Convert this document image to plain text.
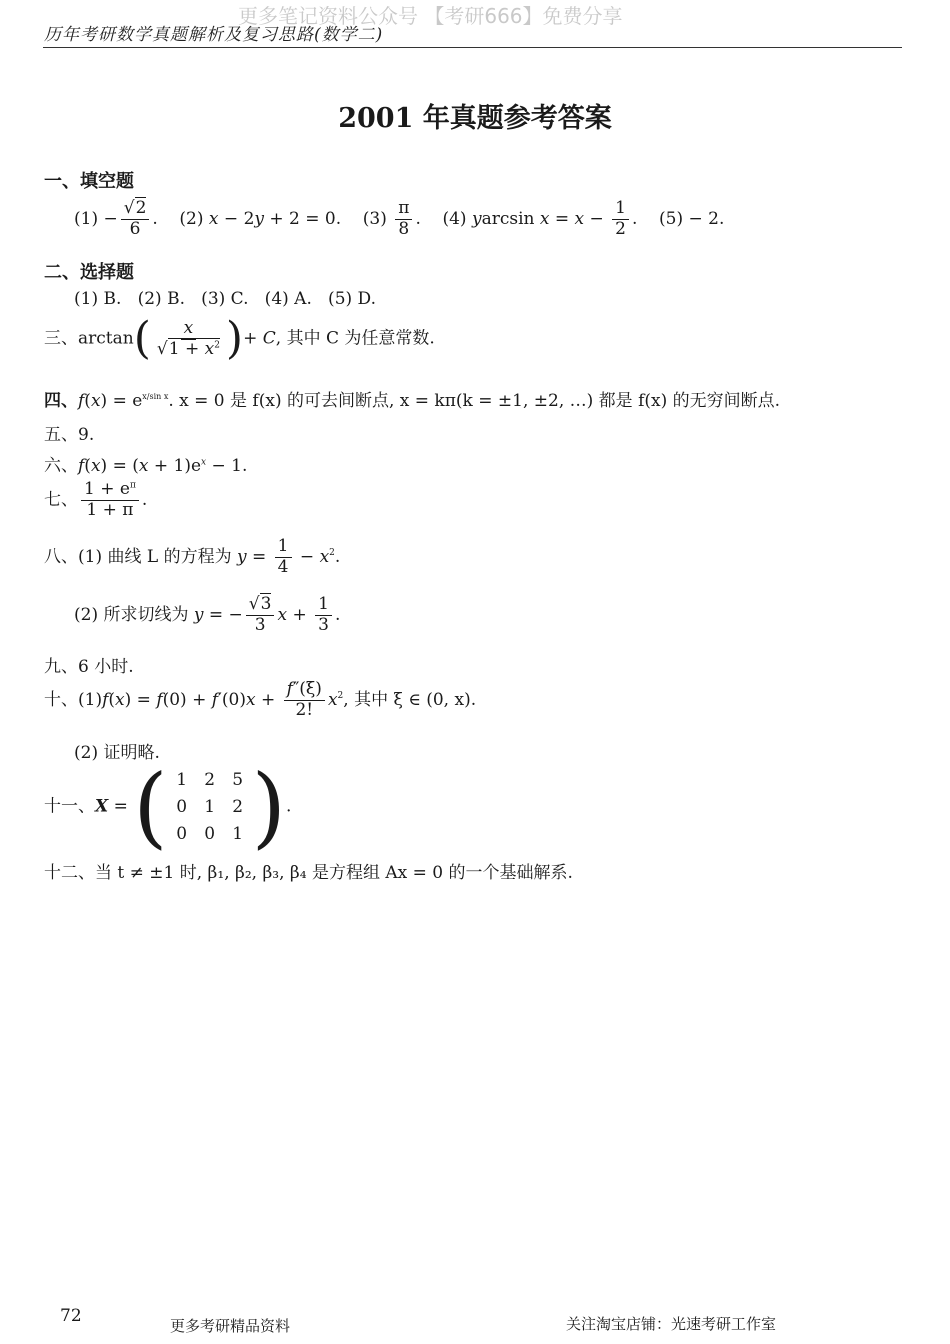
更多笔记资料公众号 【考研666】免费分享
历年考研数学真题解析及复习思路(数学二)
2001 年真题参考答案
一、填空题
$(1) - \frac{√2}{6}$ .    (2) x − 2y + 2 = 0.    $(3) \frac{\pi}{8}$ .    (4) yarcsin $x = x - \frac{1}{2}$ .    (5) − 2.
二、选择题
(1) B.   (2) B.   (3) C.   (4) A.   (5) D.
三、$\arctan( \frac{x}{√1 + x^2}$ )+ C, 其中 C 为任意常数.
四、$f(x) = e^{x/sin x}$. x = 0 是 f(x) 的可去间断点, x = kπ(k = ±1, ±2, …) 都是 f(x) 的无穷间断点.
五、9.
六、$f(x) = (x + 1)e^x - 1$.
七、 $\frac{1 + e^\pi}{1 + \pi}$ .
八、(1) 曲线 L 的方程为 $y = \frac{1}{4} - x^2$.
(2) 所求切线为 y = − $\frac{√3}{3}$ $x + \frac{1}{3}$ .
九、6 小时.
十、$(1)f(x) = f(0) + f'(0)x + \frac{f''(\xi)}{2!} x^2$, 其中 ξ ∈ (0, x).
(2) 证明略.
十一、X = ( 1	2	5
0	1	2
0	0	1 ).
十二、当 t ≠ ±1 时, β₁, β₂, β₃, β₄ 是方程组 Ax = 0 的一个基础解系.
72	更多考研精品资料	关注淘宝店铺：光速考研工作室
